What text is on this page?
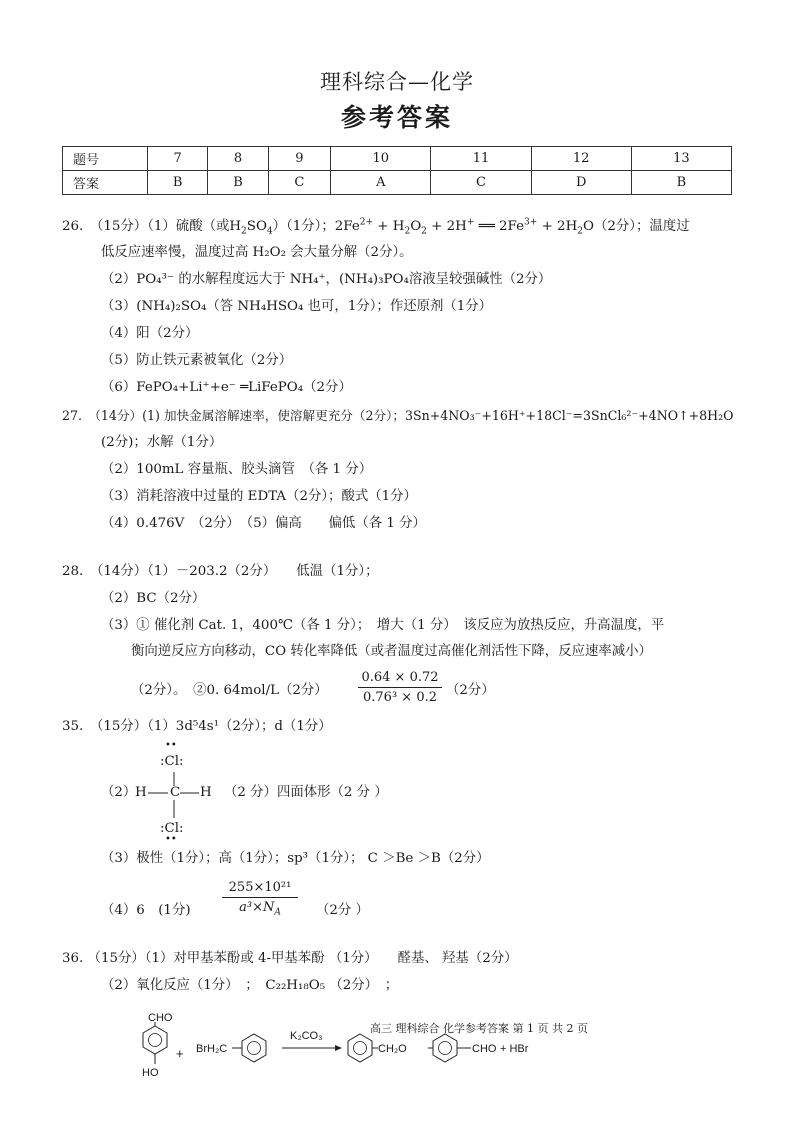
理科综合—化学
参考答案
题号	7	8	9	10	11	12	13
答案	B	B	C	A	C	D	B
26.　（15分）（1）硫酸（或$H_2SO_4)(1$分）；$2Fe^{2+} + H_2O_2 + 2H^+$ ══ $2Fe^{3+} + 2H_2O(2$分）；温度过
低反应速率慢，温度过高 H₂O₂ 会大量分解（2分）。
（2）PO₄³⁻ 的水解程度远大于 NH₄⁺，(NH₄)₃PO₄溶液呈较强碱性（2分）
（3）(NH₄)₂SO₄（答 NH₄HSO₄ 也可，1分）；作还原剂（1分）
（4）阳（2分）
（5）防止铁元素被氧化（2分）
（6）FePO₄+Li⁺+e⁻ ═LiFePO₄（2分）
27.　（14分）(1) 加快金属溶解速率，使溶解更充分（2分）；3Sn+4NO₃⁻+16H⁺+18Cl⁻=3SnCl₆²⁻+4NO↑+8H₂O
(2分)；水解（1分）
（2）100mL 容量瓶、胶头滴管　（各 1 分）
（3）消耗溶液中过量的 EDTA（2分）；酸式（1分）
（4）0.476V　（2分）　（5）偏高　　偏低（各 1 分）
28.　（14分）（1）－203.2（2分）　　低温（1分）；
（2）BC（2分）
（3）① 催化剂 Cat. 1，400℃（各 1 分）；　增大（1 分）　该反应为放热反应，升高温度，平
衡向逆反应方向移动，CO 转化率降低（或者温度过高催化剂活性下降，反应速率减小）
（2分）。　②0. 64mol/L（2分）
0.64 × 0.72
0.76³ × 0.2 （2分）
35.　（15分）（1）3d⁵4s¹（2分）；d（1分）
••
:Cl:
（2）
H C H
:Cl:
••
（2 分）四面体形（2 分 ）
（3）极性（1分）；高（1分）；sp³（1分）； C ＞Be ＞B（2分）
（4）6　(1分)
255×10²¹
$a^3\times N_A$	（2分 ）
36. （15分）（1）对甲基苯酚或 4-甲基苯酚 （1分）　　醛基、 羟基（2分）
（2）氧化反应（1分）　；　C₂₂H₁₈O₅ （2分）　；
CHO
+
HO
BrH₂C
K₂CO₃
CH₂O	CHO + HBr
高三 理科综合 化学参考答案 第 1 页 共 2 页
